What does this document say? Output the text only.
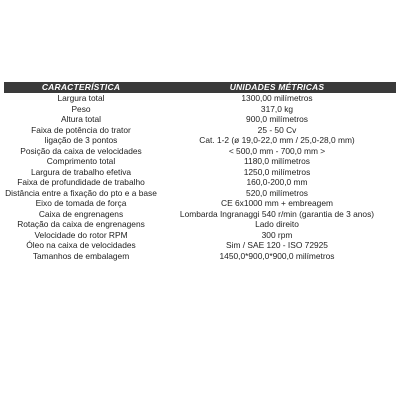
CARACTERÍSTICA	UNIDADES MÉTRICAS
Largura total	1300,00 milímetros
Peso	317,0 kg
Altura total	900,0 milímetros
Faixa de potência do trator	25 - 50 Cv
ligação de 3 pontos	Cat. 1-2 (ø 19,0-22,0 mm / 25,0-28,0 mm)
Posição da caixa de velocidades	< 500,0 mm - 700,0 mm >
Comprimento total	1180,0 milímetros
Largura de trabalho efetiva	1250,0 milímetros
Faixa de profundidade de trabalho	160,0-200,0 mm
Distância entre a fixação do pto e a base	520,0 milímetros
Eixo de tomada de força	CE 6x1000 mm + embreagem
Caixa de engrenagens	Lombarda Ingranaggi 540 r/min (garantia de 3 anos)
Rotação da caixa de engrenagens	Lado direito
Velocidade do rotor RPM	300 rpm
Óleo na caixa de velocidades	Sim / SAE 120 - ISO 72925
Tamanhos de embalagem	1450,0*900,0*900,0 milímetros
